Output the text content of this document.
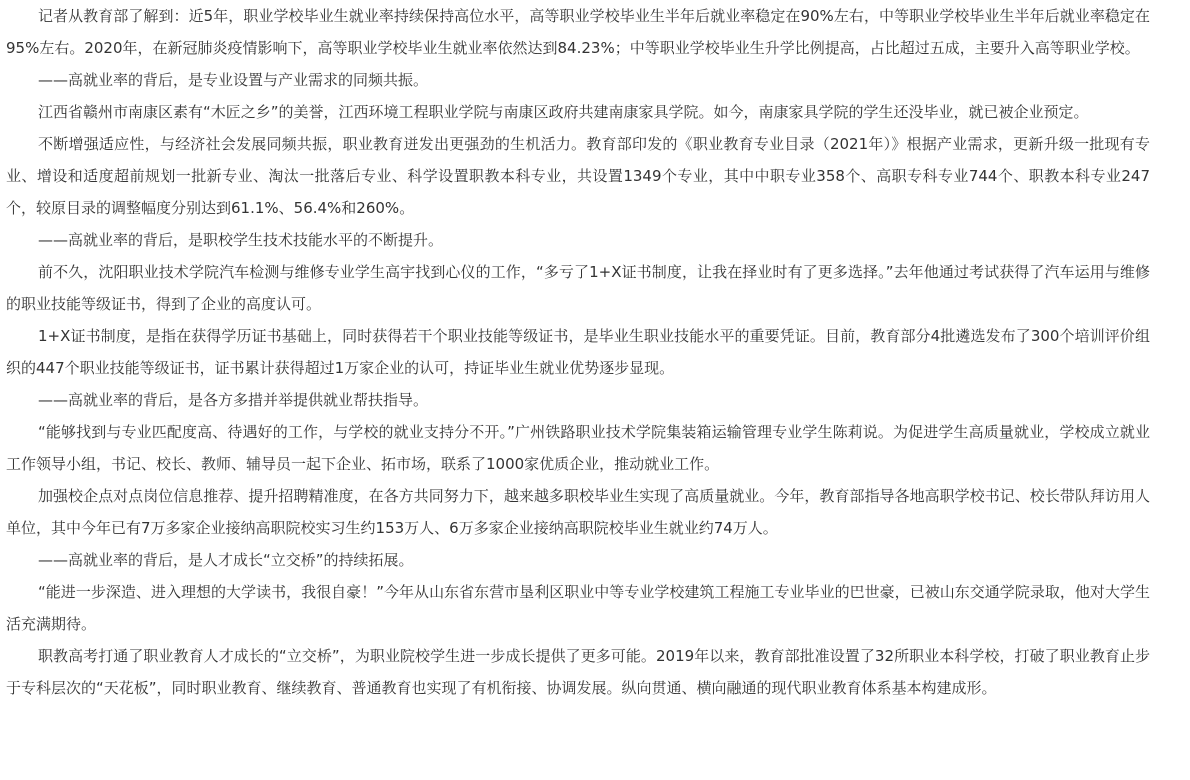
记者从教育部了解到：近5年，职业学校毕业生就业率持续保持高位水平，高等职业学校毕业生半年后就业率稳定在90%左右，中等职业学校毕业生半年后就业率稳定在95%左右。2020年，在新冠肺炎疫情影响下，高等职业学校毕业生就业率依然达到84.23%；中等职业学校毕业生升学比例提高，占比超过五成，主要升入高等职业学校。

——高就业率的背后，是专业设置与产业需求的同频共振。

江西省赣州市南康区素有“木匠之乡”的美誉，江西环境工程职业学院与南康区政府共建南康家具学院。如今，南康家具学院的学生还没毕业，就已被企业预定。

不断增强适应性，与经济社会发展同频共振，职业教育迸发出更强劲的生机活力。教育部印发的《职业教育专业目录（2021年）》根据产业需求，更新升级一批现有专业、增设和适度超前规划一批新专业、淘汰一批落后专业、科学设置职教本科专业，共设置1349个专业，其中中职专业358个、高职专科专业744个、职教本科专业247个，较原目录的调整幅度分别达到61.1%、56.4%和260%。

——高就业率的背后，是职校学生技术技能水平的不断提升。

前不久，沈阳职业技术学院汽车检测与维修专业学生高宇找到心仪的工作，“多亏了1+X证书制度，让我在择业时有了更多选择。”去年他通过考试获得了汽车运用与维修的职业技能等级证书，得到了企业的高度认可。

1+X证书制度，是指在获得学历证书基础上，同时获得若干个职业技能等级证书，是毕业生职业技能水平的重要凭证。目前，教育部分4批遴选发布了300个培训评价组织的447个职业技能等级证书，证书累计获得超过1万家企业的认可，持证毕业生就业优势逐步显现。

——高就业率的背后，是各方多措并举提供就业帮扶指导。

“能够找到与专业匹配度高、待遇好的工作，与学校的就业支持分不开。”广州铁路职业技术学院集装箱运输管理专业学生陈莉说。为促进学生高质量就业，学校成立就业工作领导小组，书记、校长、教师、辅导员一起下企业、拓市场，联系了1000家优质企业，推动就业工作。

加强校企点对点岗位信息推荐、提升招聘精准度，在各方共同努力下，越来越多职校毕业生实现了高质量就业。今年，教育部指导各地高职学校书记、校长带队拜访用人单位，其中今年已有7万多家企业接纳高职院校实习生约153万人、6万多家企业接纳高职院校毕业生就业约74万人。

——高就业率的背后，是人才成长“立交桥”的持续拓展。

“能进一步深造、进入理想的大学读书，我很自豪！”今年从山东省东营市垦利区职业中等专业学校建筑工程施工专业毕业的巴世豪，已被山东交通学院录取，他对大学生活充满期待。

职教高考打通了职业教育人才成长的“立交桥”，为职业院校学生进一步成长提供了更多可能。2019年以来，教育部批准设置了32所职业本科学校，打破了职业教育止步于专科层次的“天花板”，同时职业教育、继续教育、普通教育也实现了有机衔接、协调发展。纵向贯通、横向融通的现代职业教育体系基本构建成形。
